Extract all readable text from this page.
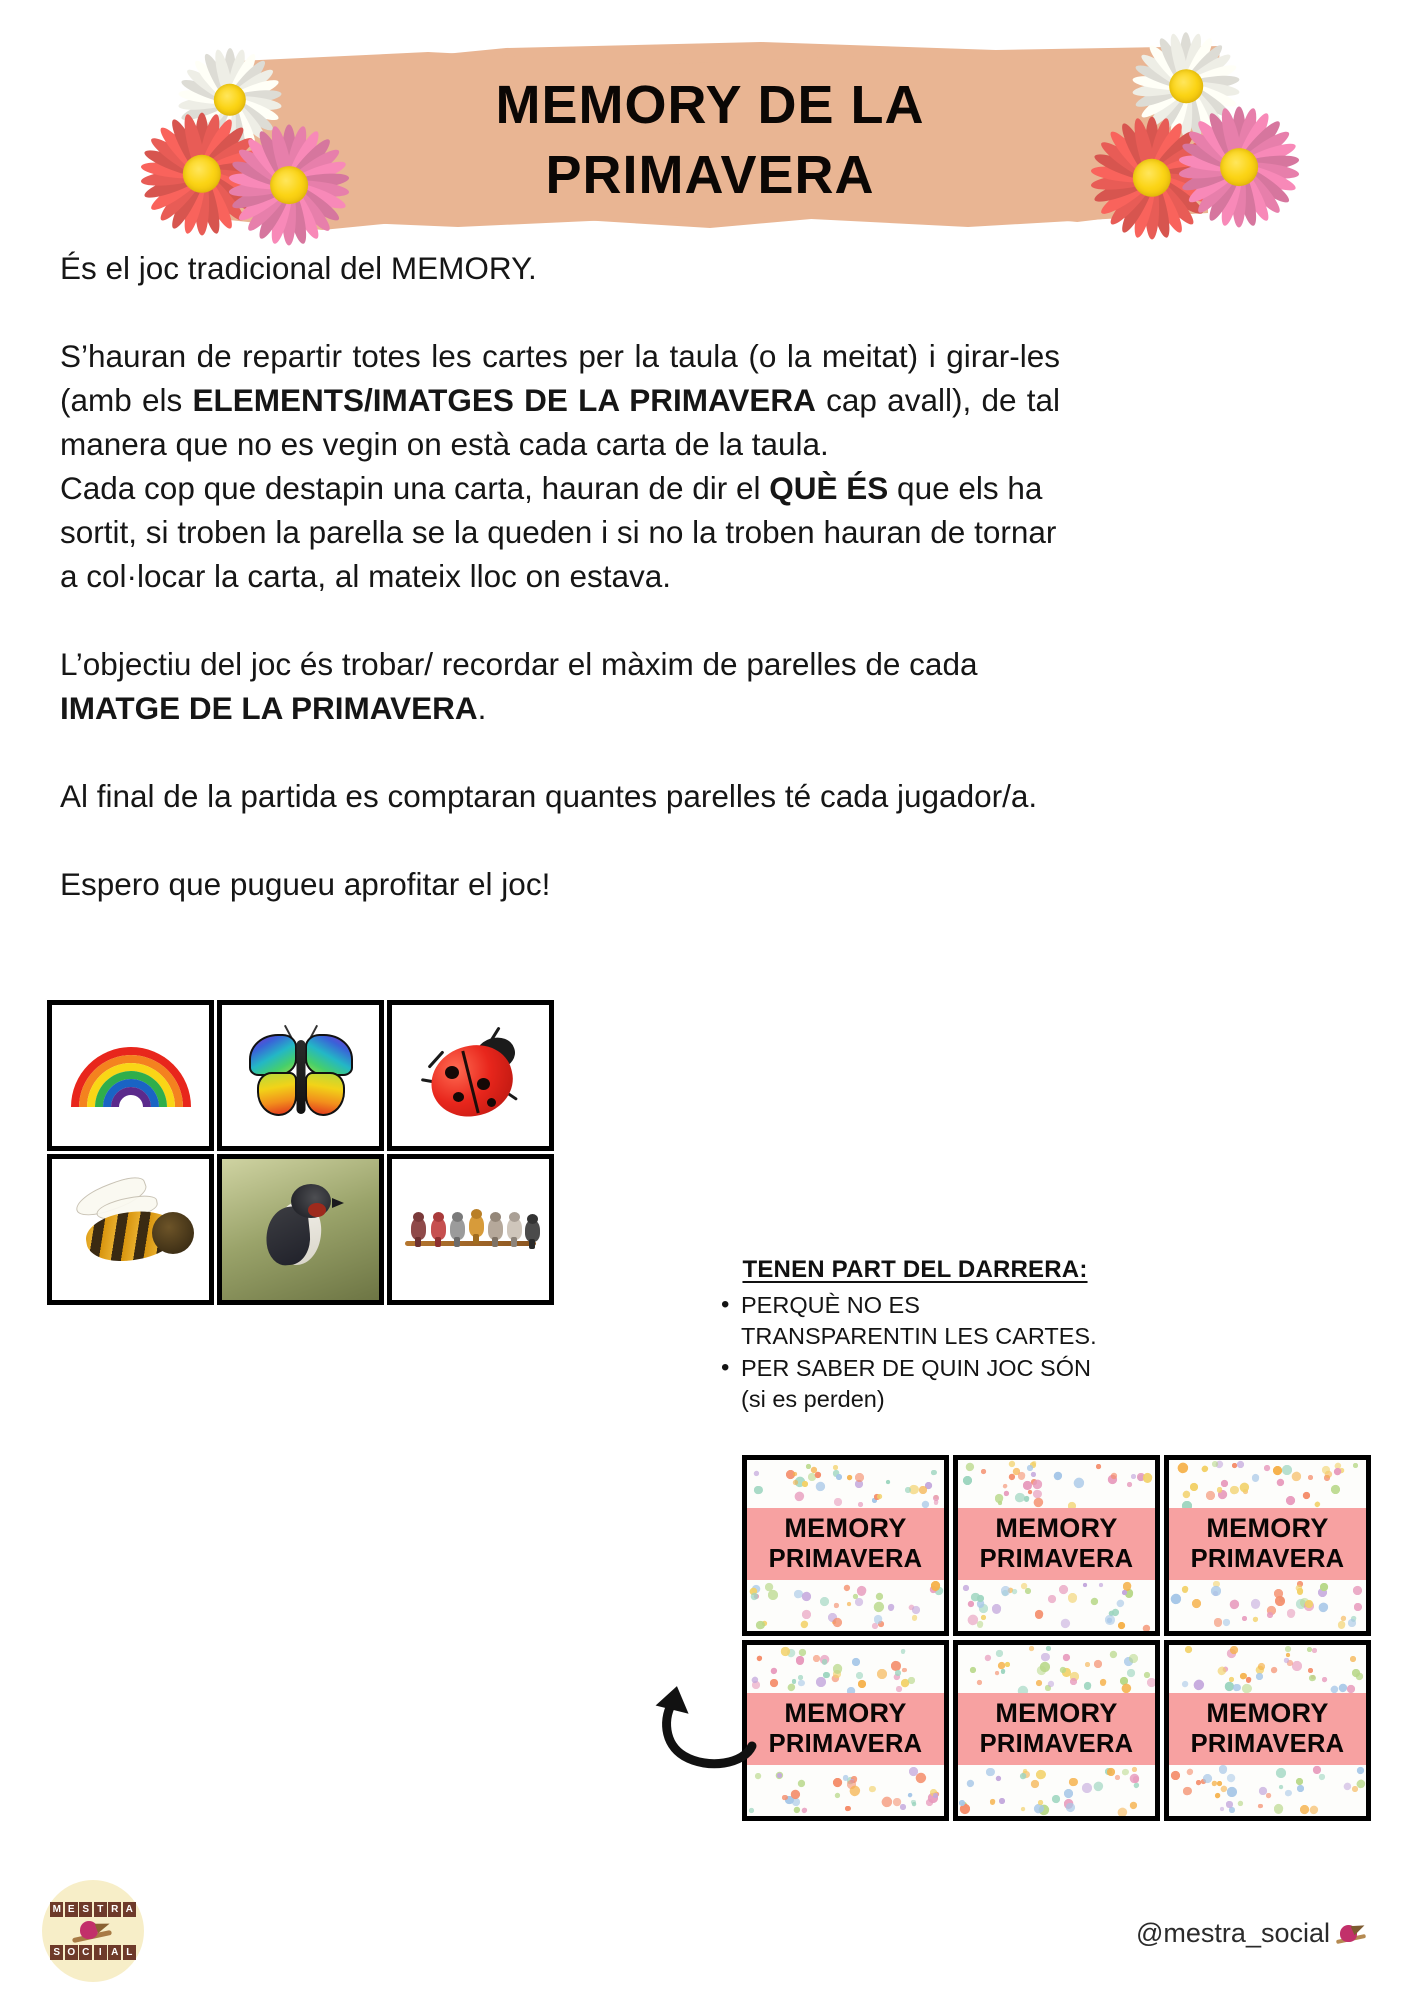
MEMORY DE LA
PRIMAVERA

És el joc tradicional del MEMORY.

S’hauran de repartir totes les cartes per la taula (o la meitat) i girar-les (amb els ELEMENTS/IMATGES DE LA PRIMAVERA cap avall), de tal manera que no es vegin on està cada carta de la taula.

Cada cop que destapin una carta, hauran de dir el QUÈ ÉS que els ha sortit, si troben la parella se la queden i si no la troben hauran de tornar a col·locar la carta, al mateix lloc on estava.

L’objectiu del joc és trobar/ recordar el màxim de parelles de cada IMATGE DE LA PRIMAVERA.

Al final de la partida es comptaran quantes parelles té cada jugador/a.

Espero que pugueu aprofitar el joc!

TENEN PART DEL DARRERA:
• PERQUÈ NO ES TRANSPARENTIN LES CARTES.
• PER SABER DE QUIN JOC SÓN (si es perden)
MEMORY
PRIMAVERA
MEMORY
PRIMAVERA
MEMORY
PRIMAVERA
MEMORY
PRIMAVERA
MEMORY
PRIMAVERA
MEMORY
PRIMAVERA
M E S T R A
S O C I A L
@mestra_social
